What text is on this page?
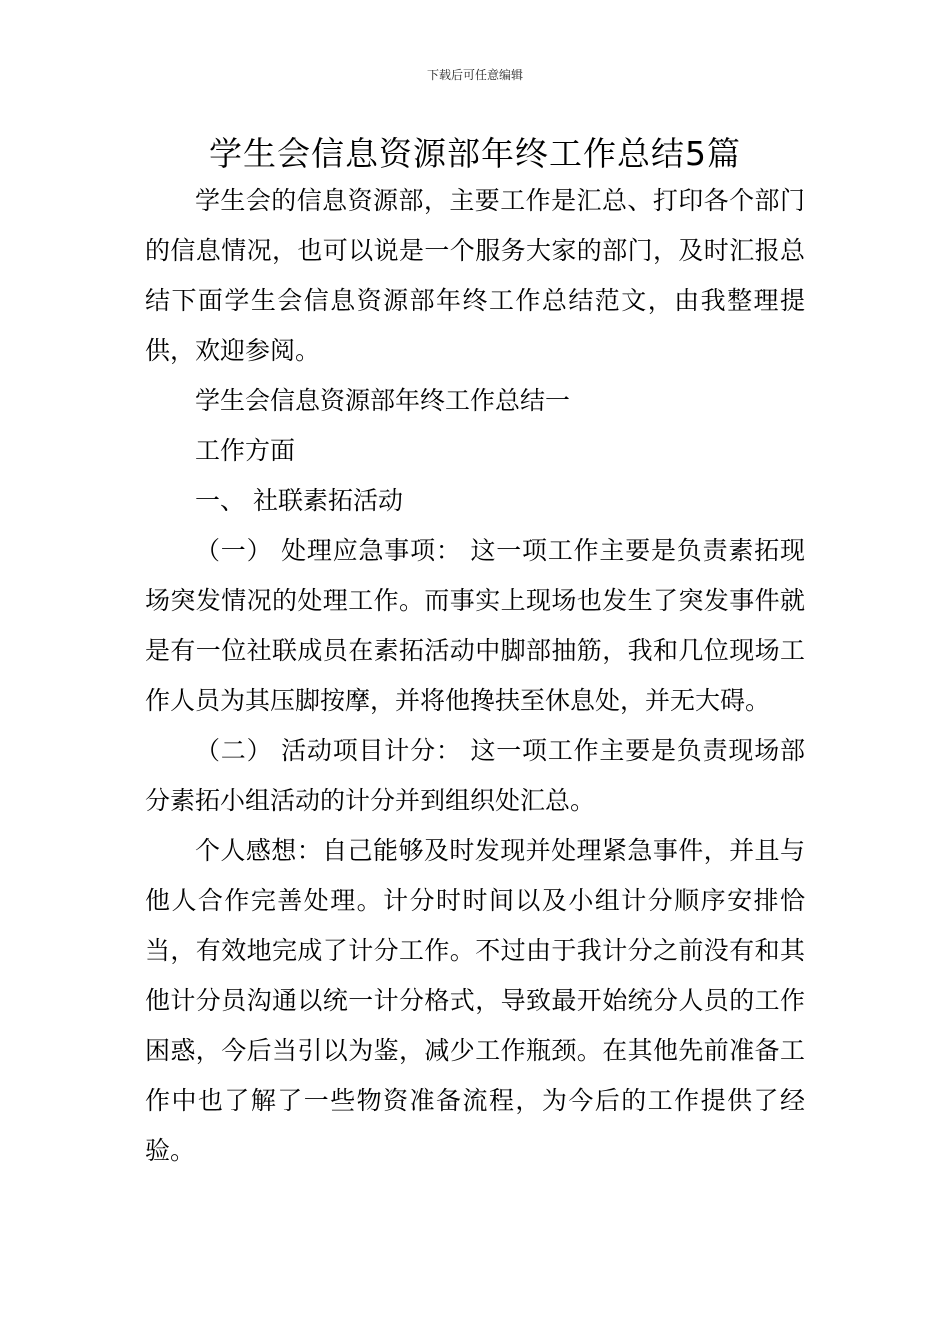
下载后可任意编辑
学生会信息资源部年终工作总结5篇

学生会的信息资源部，主要工作是汇总、打印各个部门的信息情况，也可以说是一个服务大家的部门，及时汇报总结下面学生会信息资源部年终工作总结范文，由我整理提供，欢迎参阅。

学生会信息资源部年终工作总结一

工作方面

一、 社联素拓活动

（一） 处理应急事项： 这一项工作主要是负责素拓现场突发情况的处理工作。而事实上现场也发生了突发事件就是有一位社联成员在素拓活动中脚部抽筋，我和几位现场工作人员为其压脚按摩，并将他搀扶至休息处，并无大碍。

（二） 活动项目计分： 这一项工作主要是负责现场部分素拓小组活动的计分并到组织处汇总。

个人感想：自己能够及时发现并处理紧急事件，并且与他人合作完善处理。计分时时间以及小组计分顺序安排恰当，有效地完成了计分工作。不过由于我计分之前没有和其他计分员沟通以统一计分格式，导致最开始统分人员的工作困惑，今后当引以为鉴，减少工作瓶颈。在其他先前准备工作中也了解了一些物资准备流程，为今后的工作提供了经验。
